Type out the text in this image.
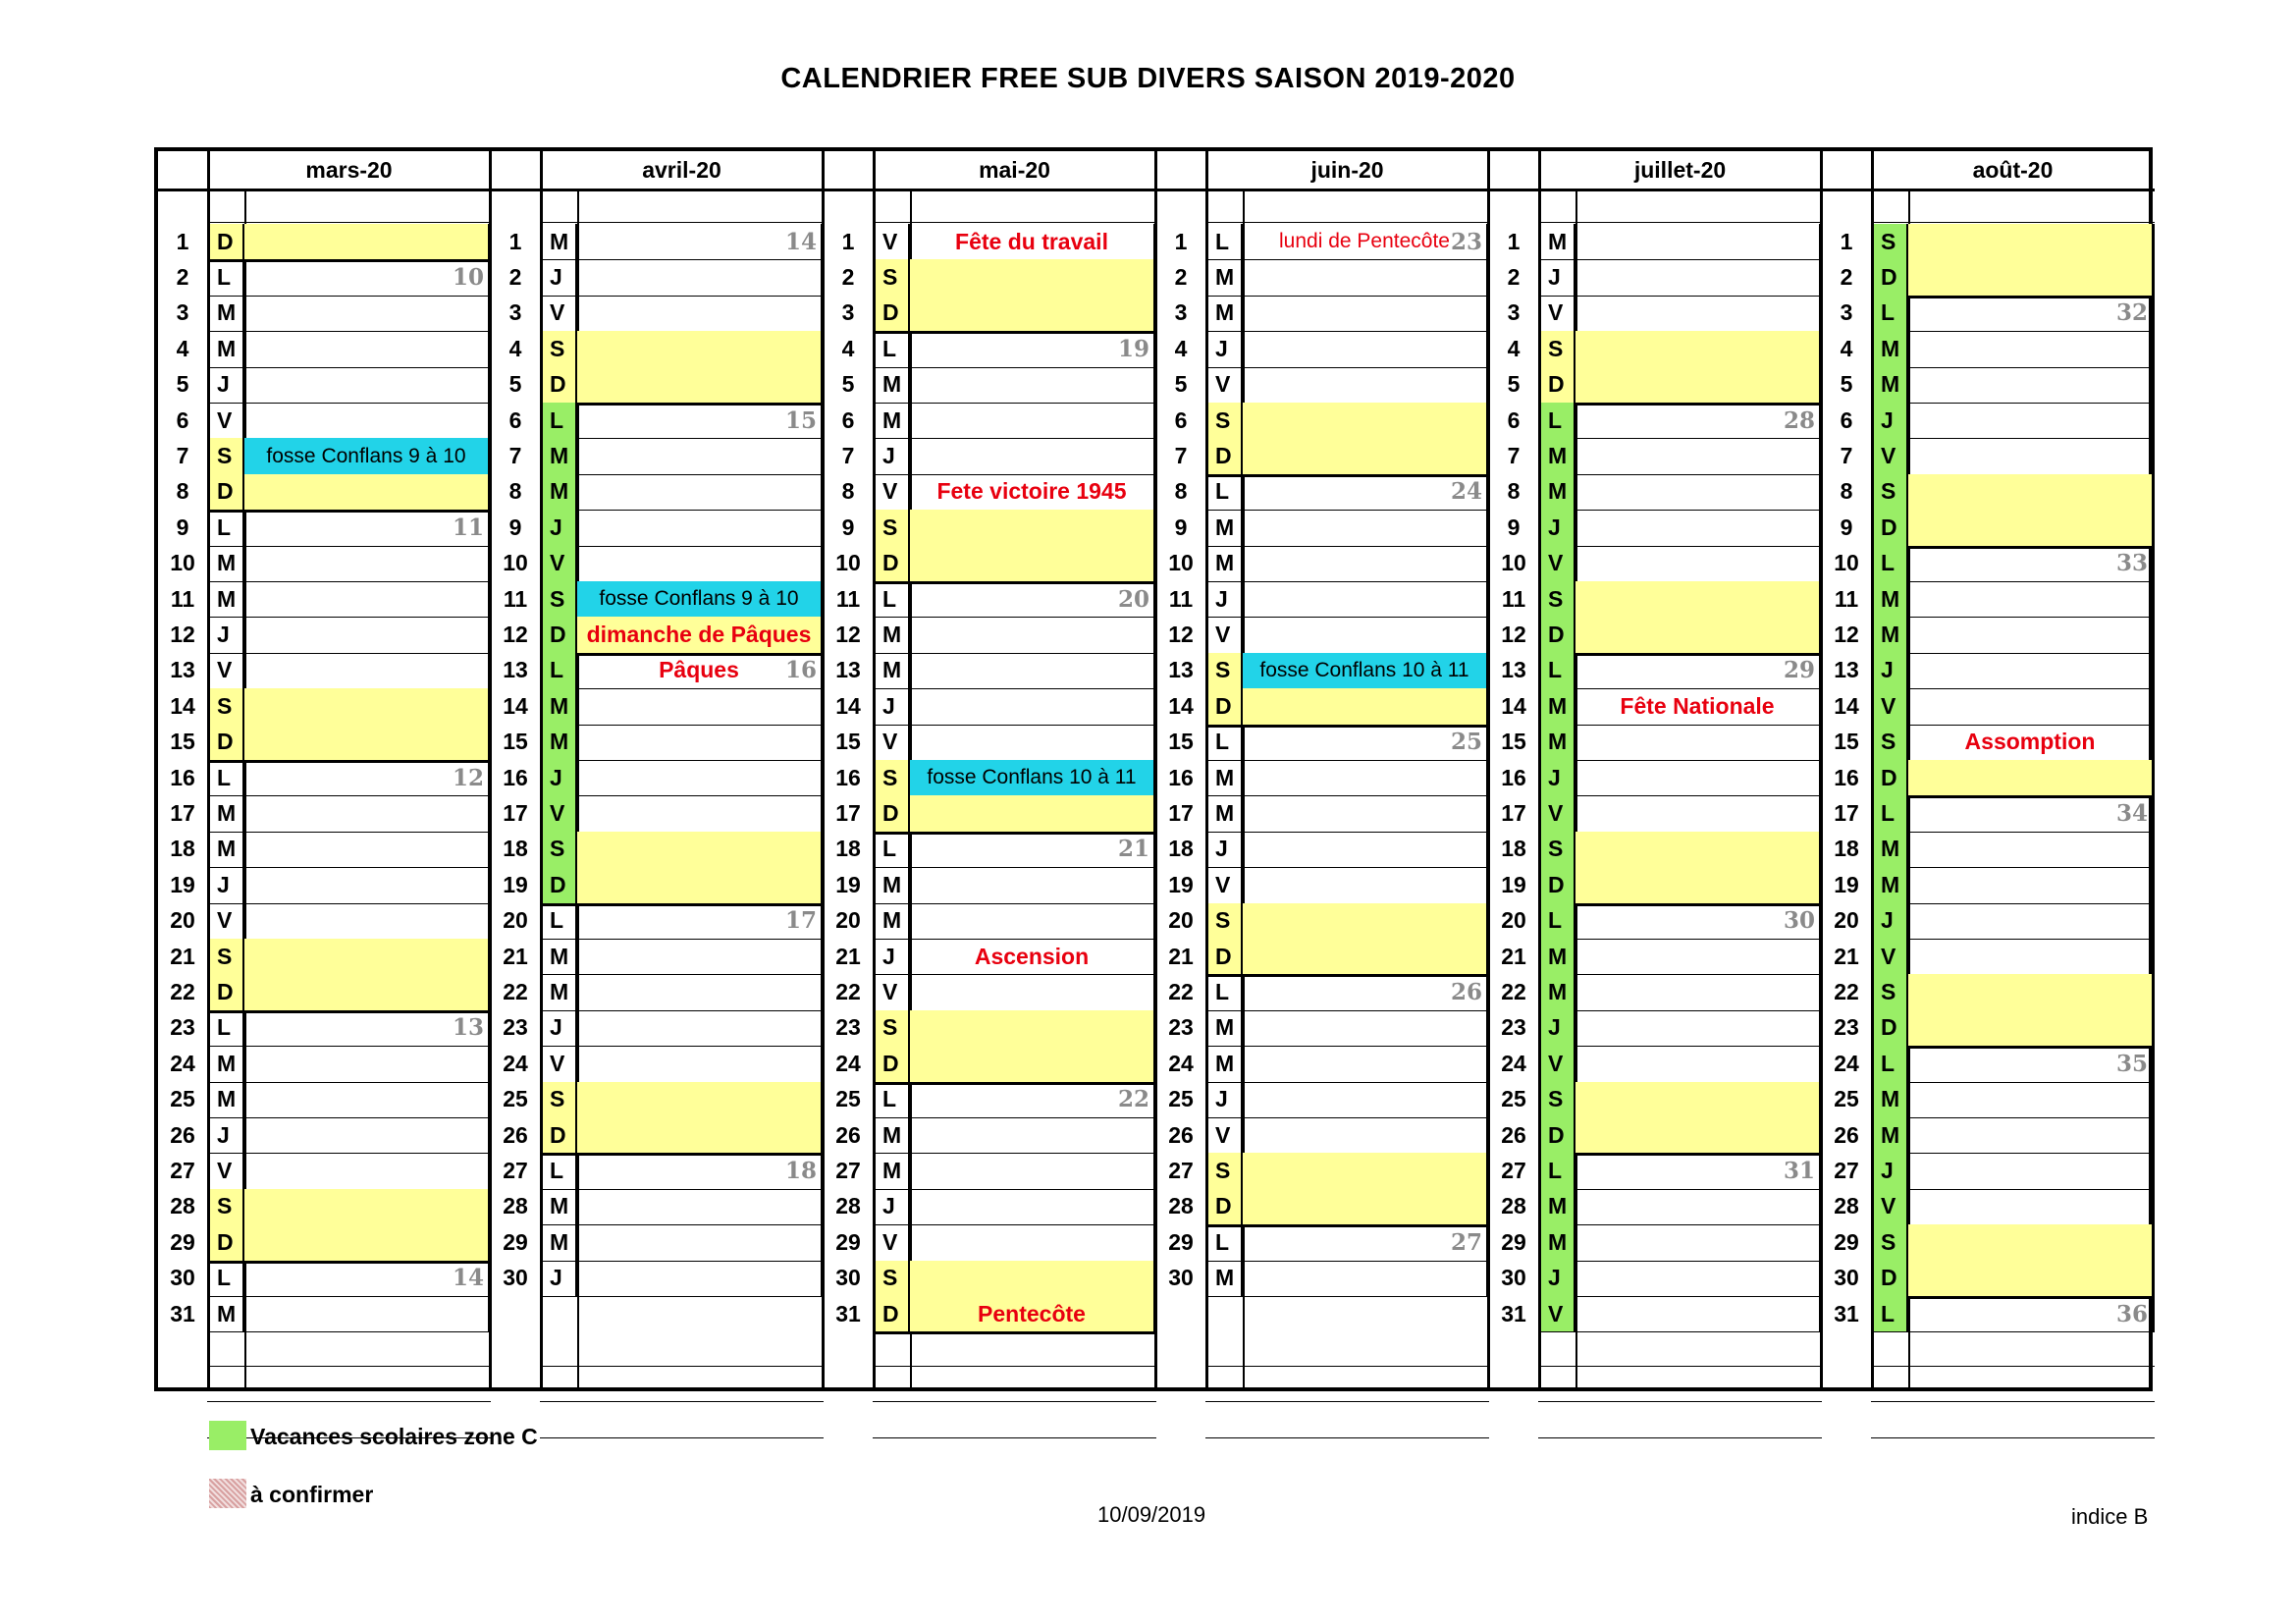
CALENDRIER FREE SUB DIVERS SAISON 2019-2020
mars-20
1	D
2	L	10
3	M
4	M
5	J
6	V
7	S	fosse Conflans 9 à 10
8	D
9	L	11
10 M
11 M
12 J
13 V
14 S
15 D
16 L	12
17 M
18 M
19 J
20 V
21 S
22 D
23 L	13
24 M
25 M
26 J
27 V
28 S
29 D
30 L	14
31 M
avril-20
1	M	14
2	J
3	V
4	S
5	D
6	L	15
7	M
8	M
9	J
10 V
11 S	fosse Conflans 9 à 10
12 D dimanche de Pâques
13 L	Pâques	16
14 M
15 M
16 J
17 V
18 S
19 D
20 L	17
21 M
22 M
23 J
24 V
25 S
26 D
27 L	18
28 M
29 M
30 J
mai-20
1	V	Fête du travail
2	S
3	D
4	L	19
5	M
6	M
7	J
8	V	Fete victoire 1945
9	S
10 D
11 L	20
12 M
13 M
14 J
15 V
16 S	fosse Conflans 10 à 11
17 D
18 L	21
19 M
20 M
21 J	Ascension
22 V
23 S
24 D
25 L	22
26 M
27 M
28 J
29 V
30 S
31 D	Pentecôte
juin-20
1	L	lundi de Pentecôte 23
2	M
3	M
4	J
5	V
6	S
7	D
8	L	24
9	M
10 M
11 J
12 V
13 S	fosse Conflans 10 à 11
14 D
15 L	25
16 M
17 M
18 J
19 V
20 S
21 D
22 L	26
23 M
24 M
25 J
26 V
27 S
28 D
29 L	27
30 M
juillet-20
1	M
2	J
3	V
4	S
5	D
6	L	28
7	M
8	M
9	J
10 V
11 S
12 D
13 L	29
14 M	Fête Nationale
15 M
16 J
17 V
18 S
19 D
20 L	30
21 M
22 M
23 J
24 V
25 S
26 D
27 L	31
28 M
29 M
30 J
31 V
août-20
1	S
2	D
3	L	32
4	M
5	M
6	J
7	V
8	S
9	D
10 L	33
11 M
12 M
13 J
14 V
15 S	Assomption
16 D
17 L	34
18 M
19 M
20 J
21 V
22 S
23 D
24 L	35
25 M
26 M
27 J
28 V
29 S
30 D
31 L	36
Vacances scolaires zone C
à confirmer
10/09/2019	indice B
